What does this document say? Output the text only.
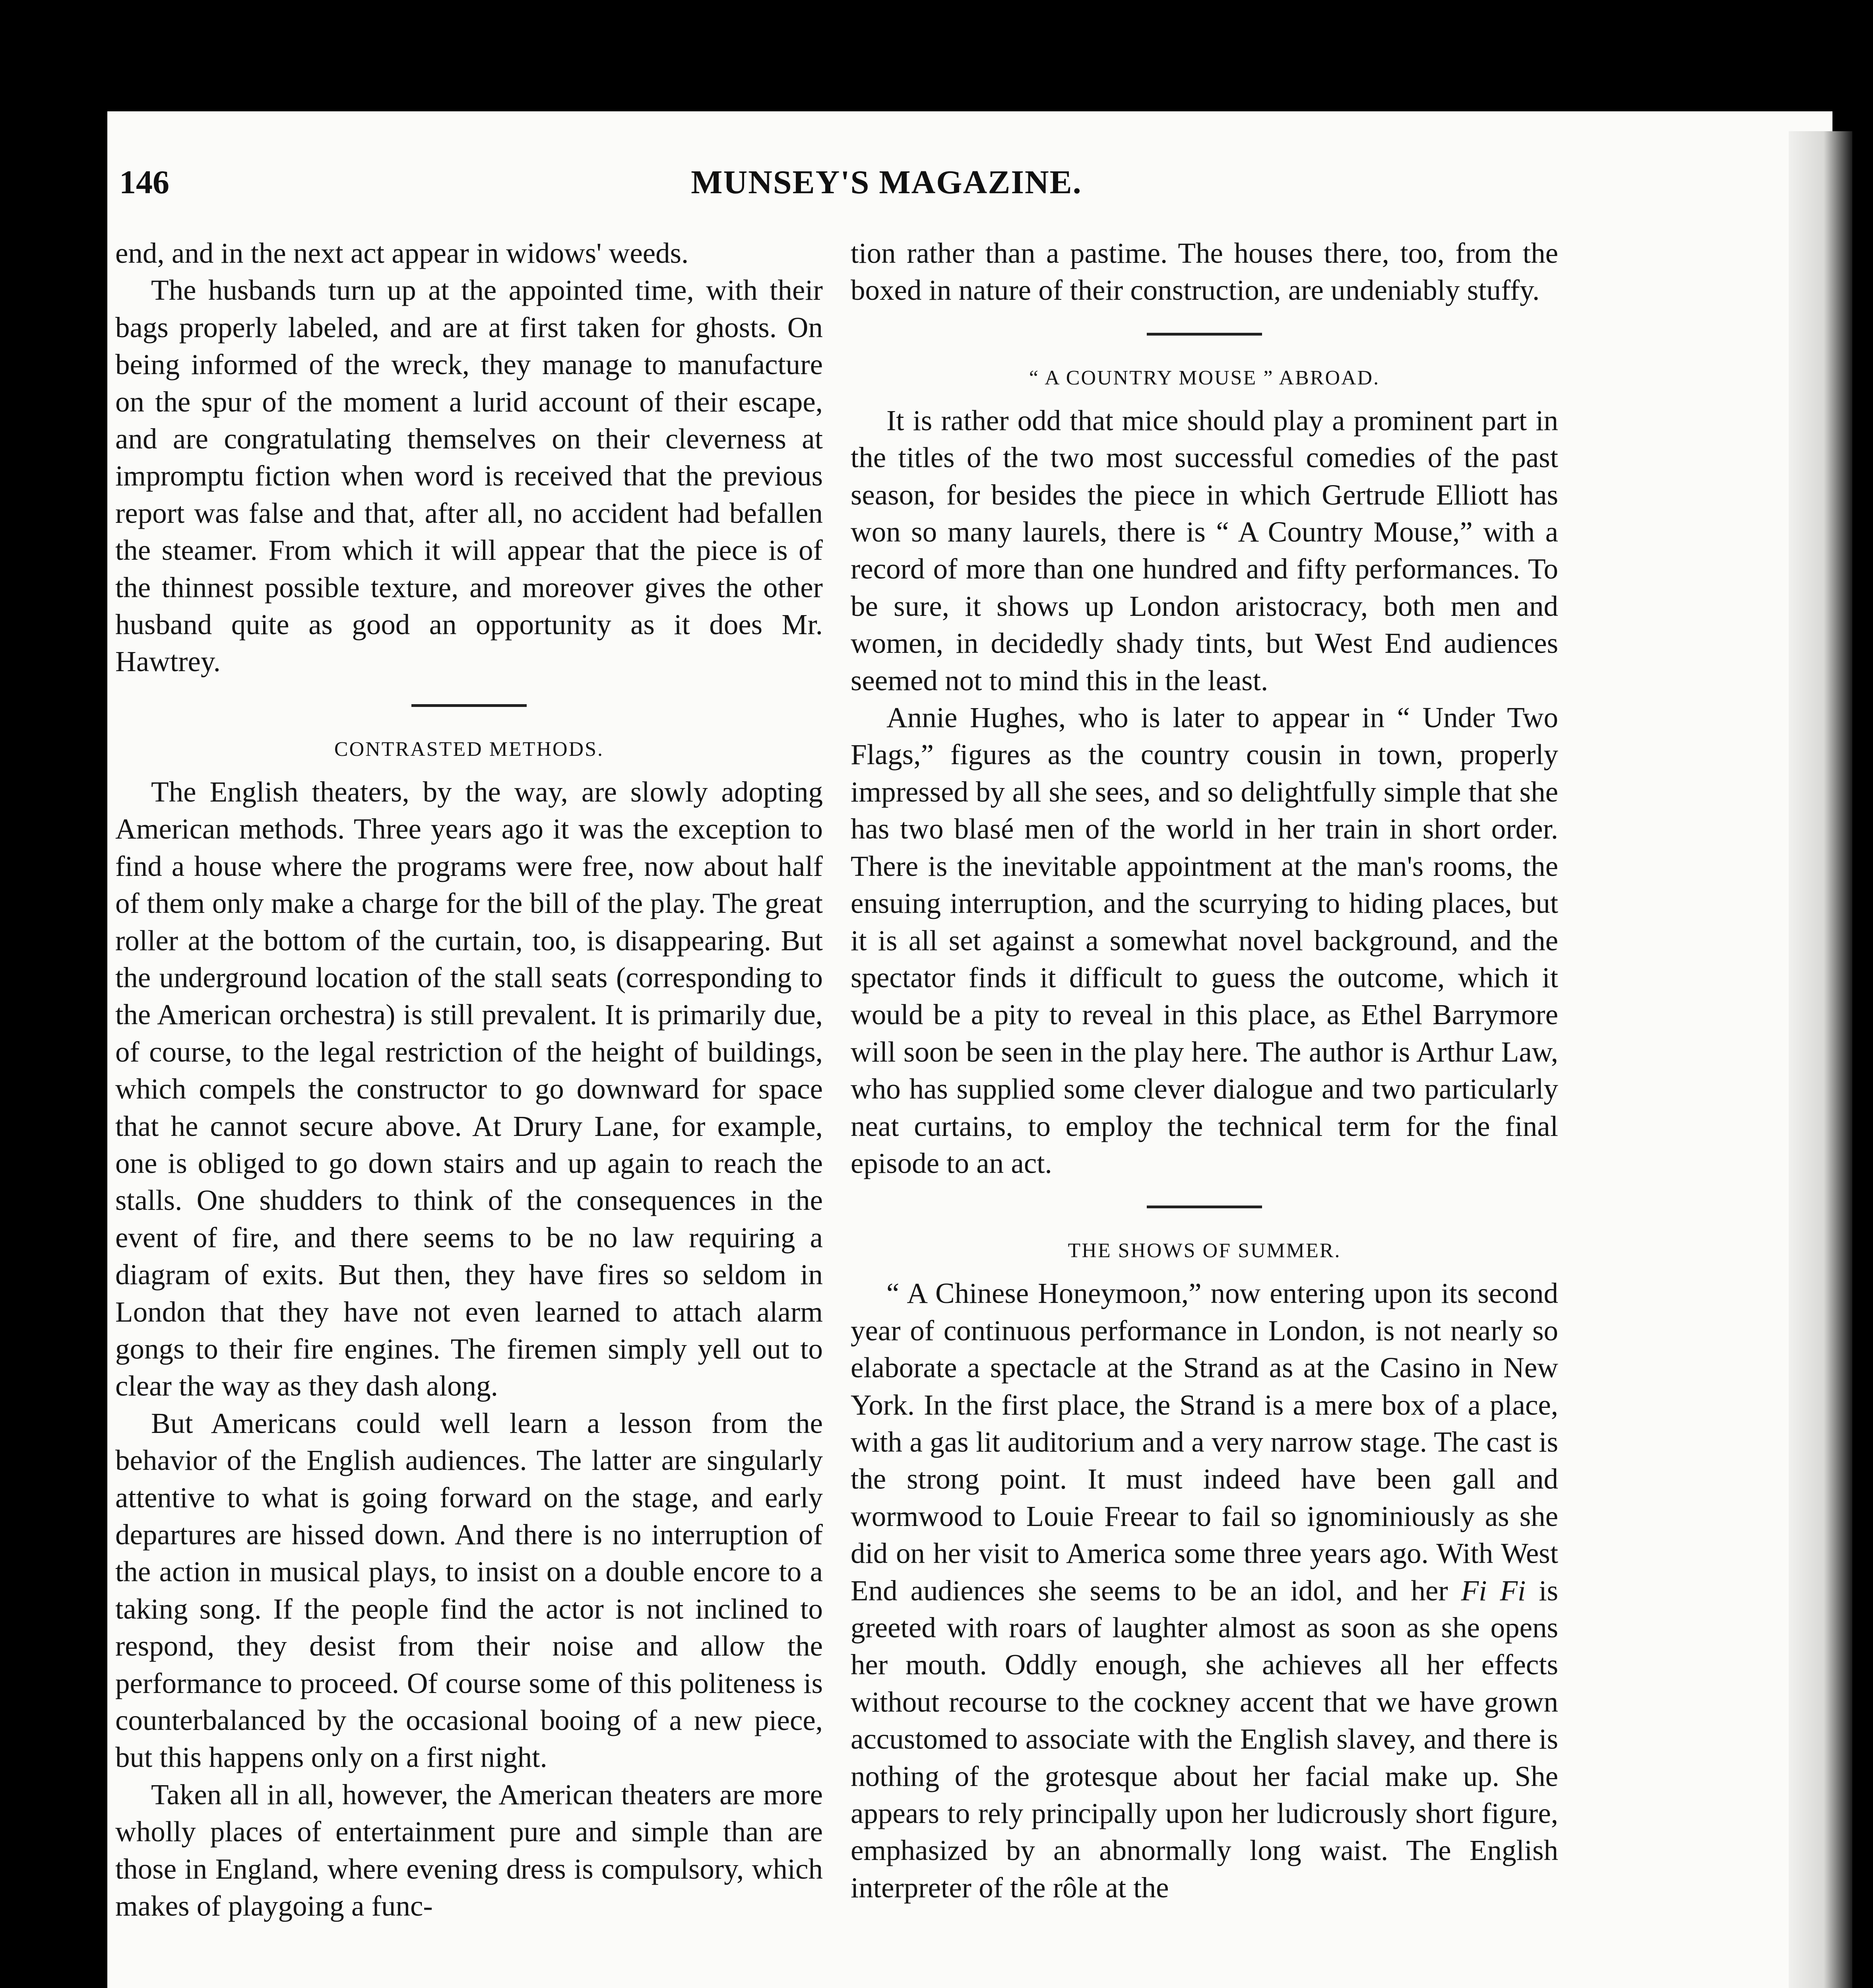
146	MUNSEY'S MAGAZINE.

end, and in the next act appear in widows' weeds.

The husbands turn up at the appointed time, with their bags properly labeled, and are at first taken for ghosts. On being informed of the wreck, they manage to manufacture on the spur of the moment a lurid account of their escape, and are congratulating themselves on their cleverness at impromptu fiction when word is received that the previous report was false and that, after all, no accident had befallen the steamer. From which it will appear that the piece is of the thinnest possible texture, and moreover gives the other husband quite as good an opportunity as it does Mr. Hawtrey.

CONTRASTED METHODS.

The English theaters, by the way, are slowly adopting American methods. Three years ago it was the exception to find a house where the programs were free, now about half of them only make a charge for the bill of the play. The great roller at the bottom of the curtain, too, is disappearing. But the underground location of the stall seats (corresponding to the American orchestra) is still prevalent. It is primarily due, of course, to the legal restriction of the height of buildings, which compels the constructor to go downward for space that he cannot secure above. At Drury Lane, for example, one is obliged to go down stairs and up again to reach the stalls. One shudders to think of the consequences in the event of fire, and there seems to be no law requiring a diagram of exits. But then, they have fires so seldom in London that they have not even learned to attach alarm gongs to their fire engines. The firemen simply yell out to clear the way as they dash along.

But Americans could well learn a lesson from the behavior of the English audiences. The latter are singularly attentive to what is going forward on the stage, and early departures are hissed down. And there is no interruption of the action in musical plays, to insist on a double encore to a taking song. If the people find the actor is not inclined to respond, they desist from their noise and allow the performance to proceed. Of course some of this politeness is counterbalanced by the occasional booing of a new piece, but this happens only on a first night.

Taken all in all, however, the American theaters are more wholly places of entertainment pure and simple than are those in England, where evening dress is compulsory, which makes of playgoing a func-

tion rather than a pastime. The houses there, too, from the boxed in nature of their construction, are undeniably stuffy.

“ A COUNTRY MOUSE ” ABROAD.

It is rather odd that mice should play a prominent part in the titles of the two most successful comedies of the past season, for besides the piece in which Gertrude Elliott has won so many laurels, there is “ A Country Mouse,” with a record of more than one hundred and fifty performances. To be sure, it shows up London aristocracy, both men and women, in decidedly shady tints, but West End audiences seemed not to mind this in the least.

Annie Hughes, who is later to appear in “ Under Two Flags,” figures as the country cousin in town, properly impressed by all she sees, and so delightfully simple that she has two blasé men of the world in her train in short order. There is the inevitable appointment at the man's rooms, the ensuing interruption, and the scurrying to hiding places, but it is all set against a somewhat novel background, and the spectator finds it difficult to guess the outcome, which it would be a pity to reveal in this place, as Ethel Barrymore will soon be seen in the play here. The author is Arthur Law, who has supplied some clever dialogue and two particularly neat curtains, to employ the technical term for the final episode to an act.

THE SHOWS OF SUMMER.

“ A Chinese Honeymoon,” now entering upon its second year of continuous performance in London, is not nearly so elaborate a spectacle at the Strand as at the Casino in New York. In the first place, the Strand is a mere box of a place, with a gas lit auditorium and a very narrow stage. The cast is the strong point. It must indeed have been gall and wormwood to Louie Freear to fail so ignominiously as she did on her visit to America some three years ago. With West End audiences she seems to be an idol, and her Fi Fi is greeted with roars of laughter almost as soon as she opens her mouth. Oddly enough, she achieves all her effects without recourse to the cockney accent that we have grown accustomed to associate with the English slavey, and there is nothing of the grotesque about her facial make up. She appears to rely principally upon her ludicrously short figure, emphasized by an abnormally long waist. The English interpreter of the rôle at the
